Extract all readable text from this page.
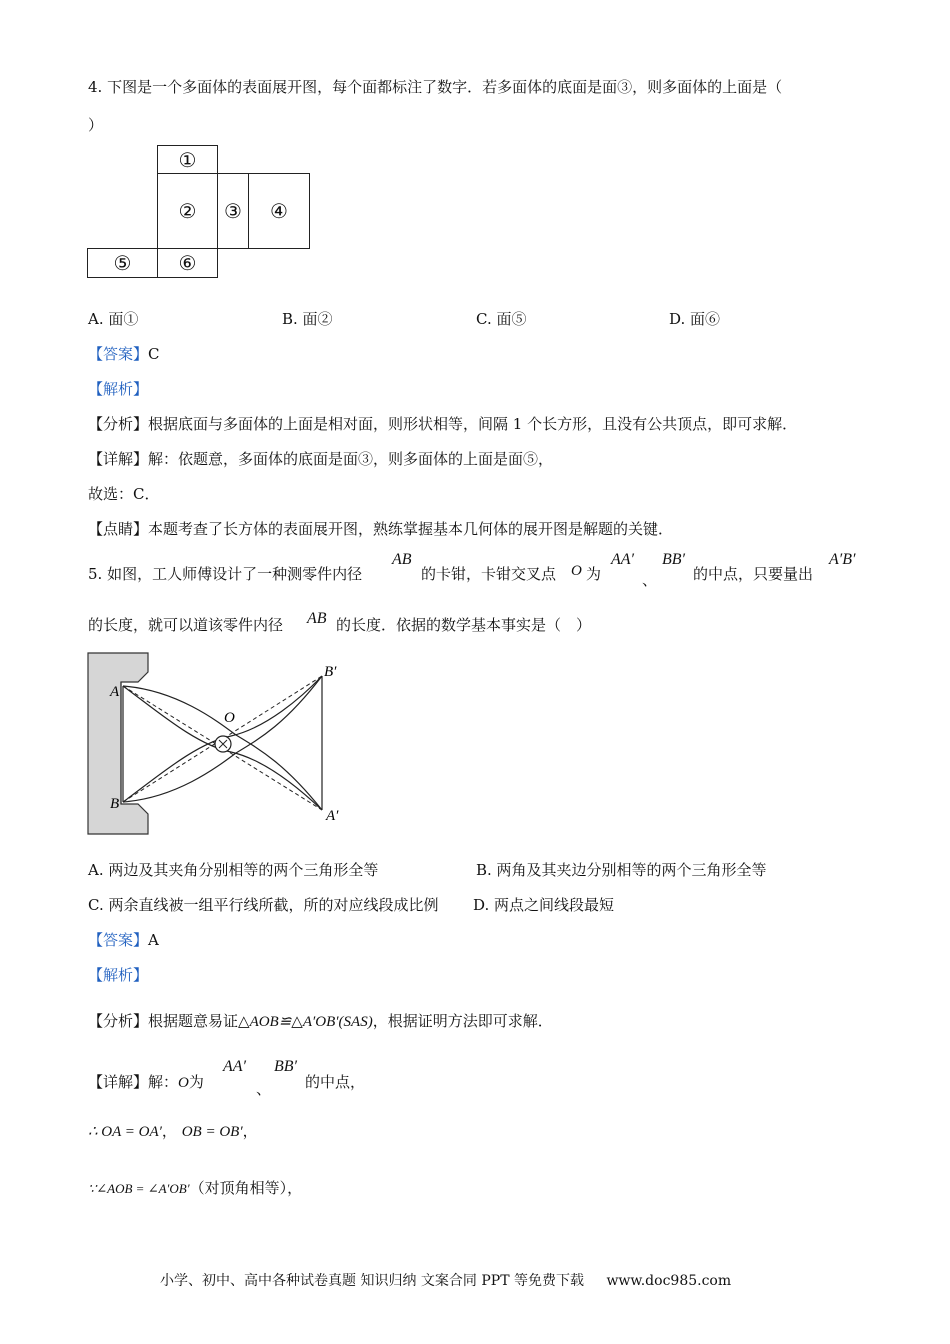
4. 下图是一个多面体的表面展开图，每个面都标注了数字．若多面体的底面是面③，则多面体的上面是（
）
①
②	③	④
⑤	⑥
A. 面①	B. 面②	C. 面⑤	D. 面⑥
【答案】C
【解析】
【分析】根据底面与多面体的上面是相对面，则形状相等，间隔 1 个长方形，且没有公共顶点，即可求解．
【详解】解：依题意，多面体的底面是面③，则多面体的上面是面⑤，
故选：C．
【点睛】本题考查了长方体的表面展开图，熟练掌握基本几何体的展开图是解题的关键．
5. 如图，工人师傅设计了一种测零件内径
AB
的卡钳，卡钳交叉点 O 为
AA′
、
BB′
的中点，只要量出
A′B′
的长度，就可以道该零件内径 AB 的长度．依据的数学基本事实是（　）
A
B
O
B′
A′
A. 两边及其夹角分别相等的两个三角形全等	B. 两角及其夹边分别相等的两个三角形全等
C. 两余直线被一组平行线所截，所的对应线段成比例 D. 两点之间线段最短
【答案】A
【解析】
【分析】根据题意易证△AOB≌△A′OB′(SAS)，根据证明方法即可求解．
【详解】解：O为
AA′
、
BB′
的中点，
∴ OA = OA′， OB = OB′，
∵∠AOB = ∠A′OB′（对顶角相等），
小学、初中、高中各种试卷真题 知识归纳 文案合同 PPT 等免费下载 www.doc985.com
